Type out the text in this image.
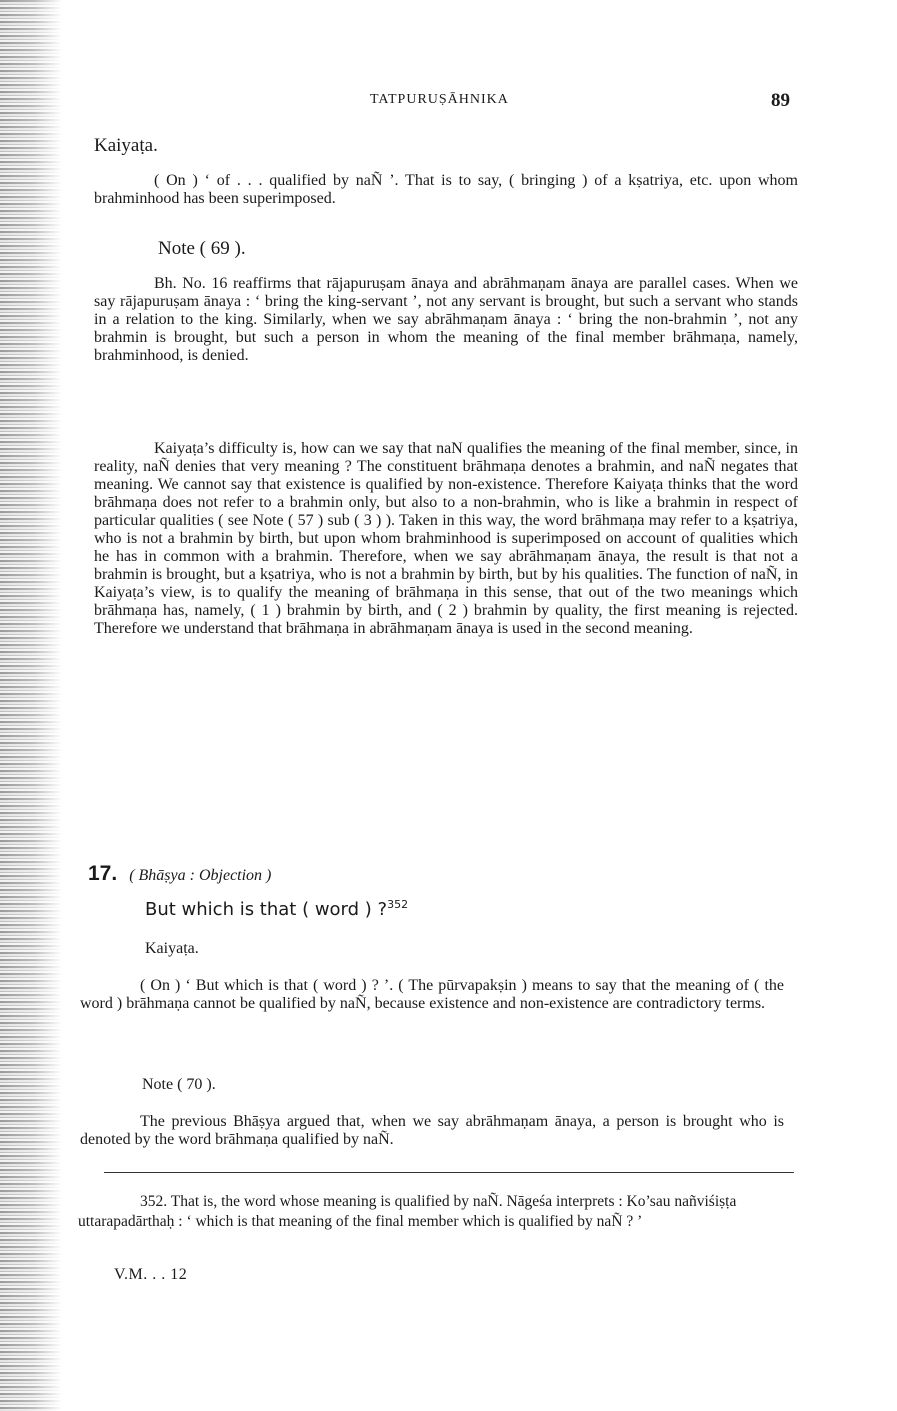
TATPURUṢĀHNIKA	89
Kaiyaṭa.

( On ) ‘ of . . . qualified by naÑ ’. That is to say, ( bringing ) of a kṣatriya, etc. upon whom brahminhood has been superimposed.

Note ( 69 ).

Bh. No. 16 reaffirms that rājapuruṣam ānaya and abrāhmaṇam ānaya are parallel cases. When we say rājapuruṣam ānaya : ‘ bring the king-servant ’, not any servant is brought, but such a servant who stands in a relation to the king. Similarly, when we say abrāhmaṇam ānaya : ‘ bring the non-brahmin ’, not any brahmin is brought, but such a person in whom the meaning of the final member brāhmaṇa, namely, brahminhood, is denied.

Kaiyaṭa’s difficulty is, how can we say that naN qualifies the meaning of the final member, since, in reality, naÑ denies that very meaning ? The constituent brāhmaṇa denotes a brahmin, and naÑ negates that meaning. We cannot say that existence is qualified by non-existence. Therefore Kaiyaṭa thinks that the word brāhmaṇa does not refer to a brahmin only, but also to a non-brahmin, who is like a brahmin in respect of particular qualities ( see Note ( 57 ) sub ( 3 ) ). Taken in this way, the word brāhmaṇa may refer to a kṣatriya, who is not a brahmin by birth, but upon whom brahminhood is superimposed on account of qualities which he has in common with a brahmin. Therefore, when we say abrāhmaṇam ānaya, the result is that not a brahmin is brought, but a kṣatriya, who is not a brahmin by birth, but by his qualities. The function of naÑ, in Kaiyaṭa’s view, is to qualify the meaning of brāhmaṇa in this sense, that out of the two meanings which brāhmaṇa has, namely, ( 1 ) brahmin by birth, and ( 2 ) brahmin by quality, the first meaning is rejected. Therefore we understand that brāhmaṇa in abrāhmaṇam ānaya is used in the second meaning.

17. ( Bhāṣya : Objection )
But which is that ( word ) ?$^{352}$
Kaiyaṭa.

( On ) ‘ But which is that ( word ) ? ’. ( The pūrvapakṣin ) means to say that the meaning of ( the word ) brāhmaṇa cannot be qualified by naÑ, because existence and non-existence are contradictory terms.

Note ( 70 ).

The previous Bhāṣya argued that, when we say abrāhmaṇam ānaya, a person is brought who is denoted by the word brāhmaṇa qualified by naÑ.

352. That is, the word whose meaning is qualified by naÑ. Nāgeśa interprets : Ko’sau nañviśiṣṭa uttarapadārthaḥ : ‘ which is that meaning of the final member which is qualified by naÑ ? ’
V.M. . . 12
